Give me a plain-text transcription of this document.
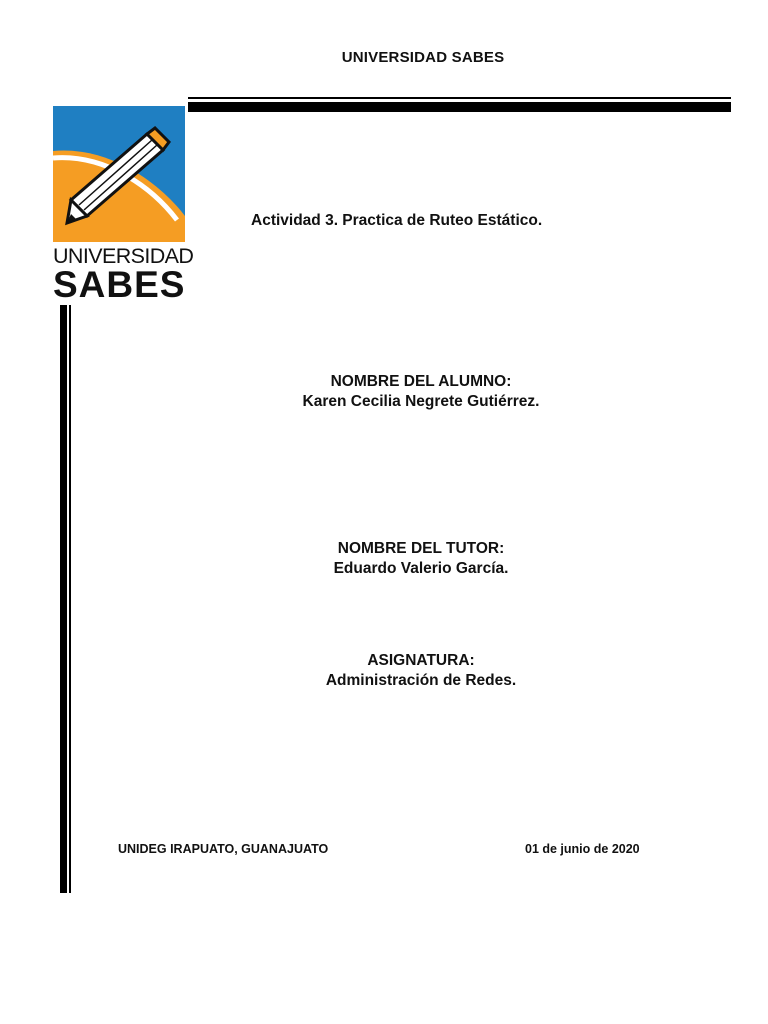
UNIVERSIDAD SABES
UNIVERSIDAD
SABES
Actividad 3. Practica de Ruteo Estático.
NOMBRE DEL ALUMNO:
Karen Cecilia Negrete Gutiérrez.
NOMBRE DEL TUTOR:
Eduardo Valerio García.
ASIGNATURA:
Administración de Redes.
UNIDEG IRAPUATO, GUANAJUATO	01 de junio de 2020
